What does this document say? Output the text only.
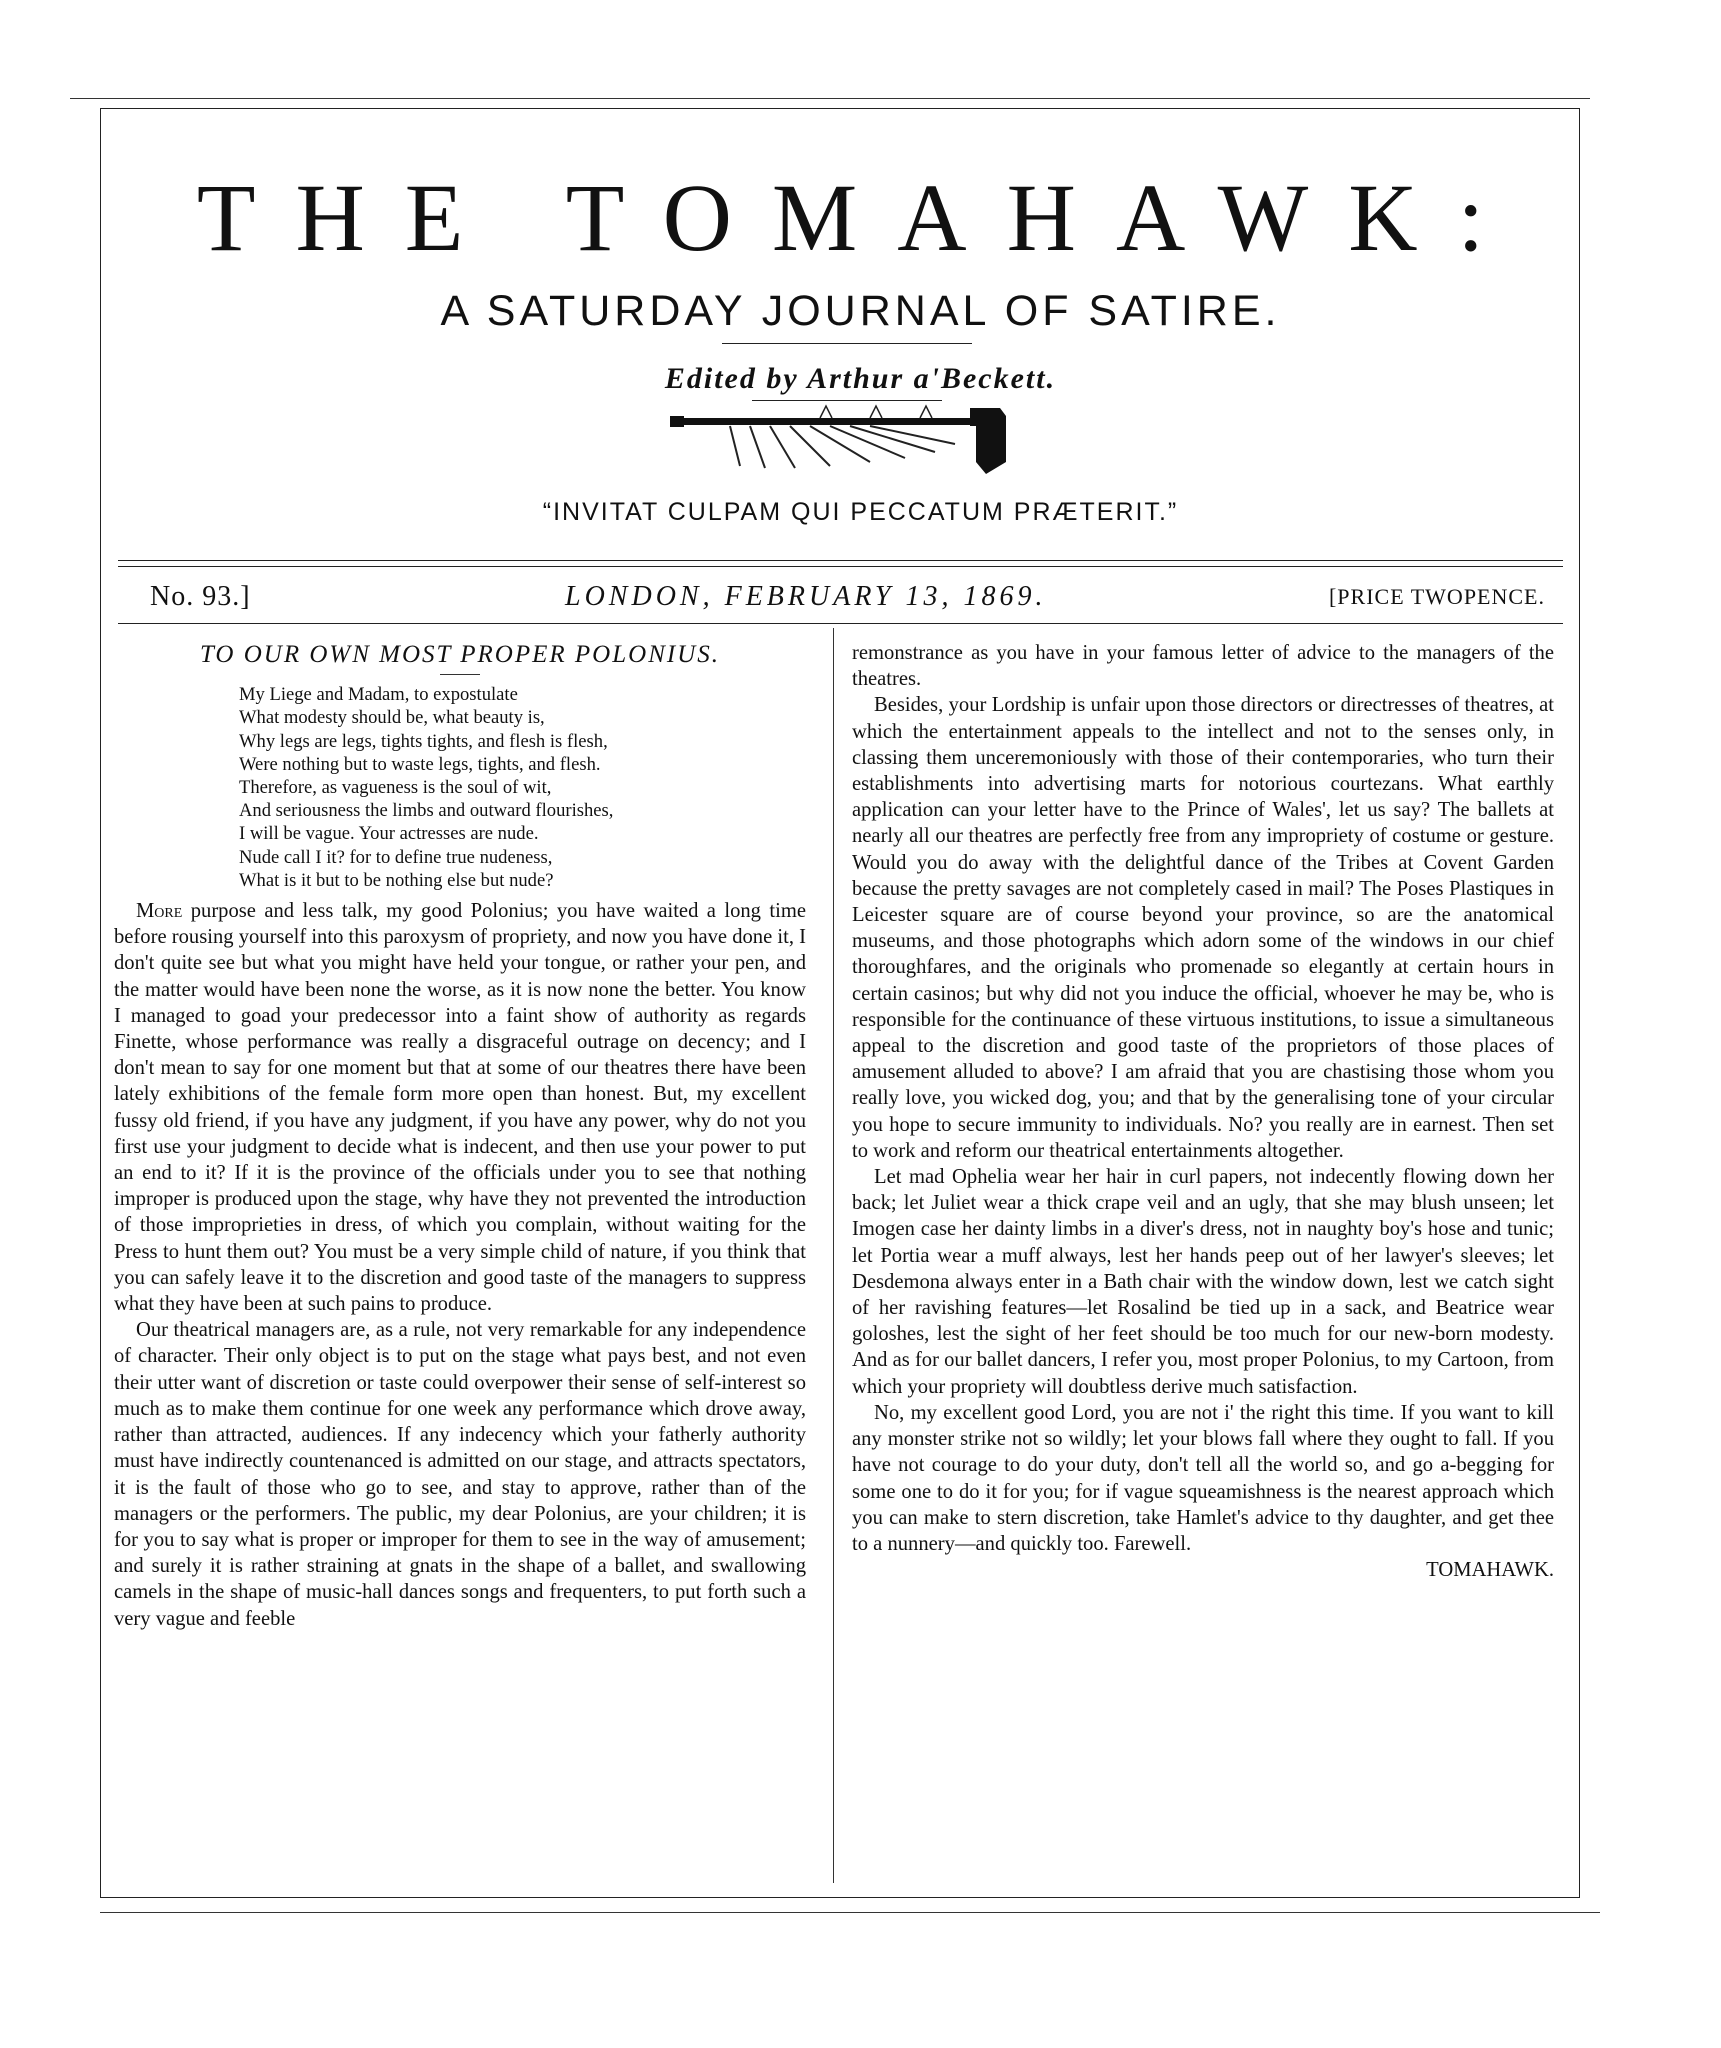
THE TOMAHAWK:
A SATURDAY JOURNAL OF SATIRE.
Edited by Arthur a'Beckett.
“INVITAT CULPAM QUI PECCATUM PRÆTERIT.”
No. 93.]	LONDON, FEBRUARY 13, 1869.	[PRICE TWOPENCE.
TO OUR OWN MOST PROPER POLONIUS.
My Liege and Madam, to expostulate
What modesty should be, what beauty is,
Why legs are legs, tights tights, and flesh is flesh,
Were nothing but to waste legs, tights, and flesh.
Therefore, as vagueness is the soul of wit,
And seriousness the limbs and outward flourishes,
I will be vague. Your actresses are nude.
Nude call I it? for to define true nudeness,
What is it but to be nothing else but nude?

More purpose and less talk, my good Polonius; you have waited a long time before rousing yourself into this paroxysm of propriety, and now you have done it, I don't quite see but what you might have held your tongue, or rather your pen, and the matter would have been none the worse, as it is now none the better. You know I managed to goad your predecessor into a faint show of authority as regards Finette, whose performance was really a disgraceful outrage on decency; and I don't mean to say for one moment but that at some of our theatres there have been lately exhibitions of the female form more open than honest. But, my excellent fussy old friend, if you have any judgment, if you have any power, why do not you first use your judgment to decide what is indecent, and then use your power to put an end to it? If it is the province of the officials under you to see that nothing improper is produced upon the stage, why have they not prevented the introduction of those improprieties in dress, of which you complain, without waiting for the Press to hunt them out? You must be a very simple child of nature, if you think that you can safely leave it to the discretion and good taste of the managers to suppress what they have been at such pains to produce.

Our theatrical managers are, as a rule, not very remarkable for any independence of character. Their only object is to put on the stage what pays best, and not even their utter want of discretion or taste could overpower their sense of self-interest so much as to make them continue for one week any performance which drove away, rather than attracted, audiences. If any indecency which your fatherly authority must have indirectly countenanced is admitted on our stage, and attracts spectators, it is the fault of those who go to see, and stay to approve, rather than of the managers or the performers. The public, my dear Polonius, are your children; it is for you to say what is proper or improper for them to see in the way of amusement; and surely it is rather straining at gnats in the shape of a ballet, and swallowing camels in the shape of music-hall dances songs and frequenters, to put forth such a very vague and feeble

remonstrance as you have in your famous letter of advice to the managers of the theatres.

Besides, your Lordship is unfair upon those directors or directresses of theatres, at which the entertainment appeals to the intellect and not to the senses only, in classing them unceremoniously with those of their contemporaries, who turn their establishments into advertising marts for notorious courtezans. What earthly application can your letter have to the Prince of Wales', let us say? The ballets at nearly all our theatres are perfectly free from any impropriety of costume or gesture. Would you do away with the delightful dance of the Tribes at Covent Garden because the pretty savages are not completely cased in mail? The Poses Plastiques in Leicester square are of course beyond your province, so are the anatomical museums, and those photographs which adorn some of the windows in our chief thoroughfares, and the originals who promenade so elegantly at certain hours in certain casinos; but why did not you induce the official, whoever he may be, who is responsible for the continuance of these virtuous institutions, to issue a simultaneous appeal to the discretion and good taste of the proprietors of those places of amusement alluded to above? I am afraid that you are chastising those whom you really love, you wicked dog, you; and that by the generalising tone of your circular you hope to secure immunity to individuals. No? you really are in earnest. Then set to work and reform our theatrical entertainments altogether.

Let mad Ophelia wear her hair in curl papers, not indecently flowing down her back; let Juliet wear a thick crape veil and an ugly, that she may blush unseen; let Imogen case her dainty limbs in a diver's dress, not in naughty boy's hose and tunic; let Portia wear a muff always, lest her hands peep out of her lawyer's sleeves; let Desdemona always enter in a Bath chair with the window down, lest we catch sight of her ravishing features—let Rosalind be tied up in a sack, and Beatrice wear goloshes, lest the sight of her feet should be too much for our new-born modesty. And as for our ballet dancers, I refer you, most proper Polonius, to my Cartoon, from which your propriety will doubtless derive much satisfaction.

No, my excellent good Lord, you are not i' the right this time. If you want to kill any monster strike not so wildly; let your blows fall where they ought to fall. If you have not courage to do your duty, don't tell all the world so, and go a-begging for some one to do it for you; for if vague squeamishness is the nearest approach which you can make to stern discretion, take Hamlet's advice to thy daughter, and get thee to a nunnery—and quickly too. Farewell.

TOMAHAWK.
